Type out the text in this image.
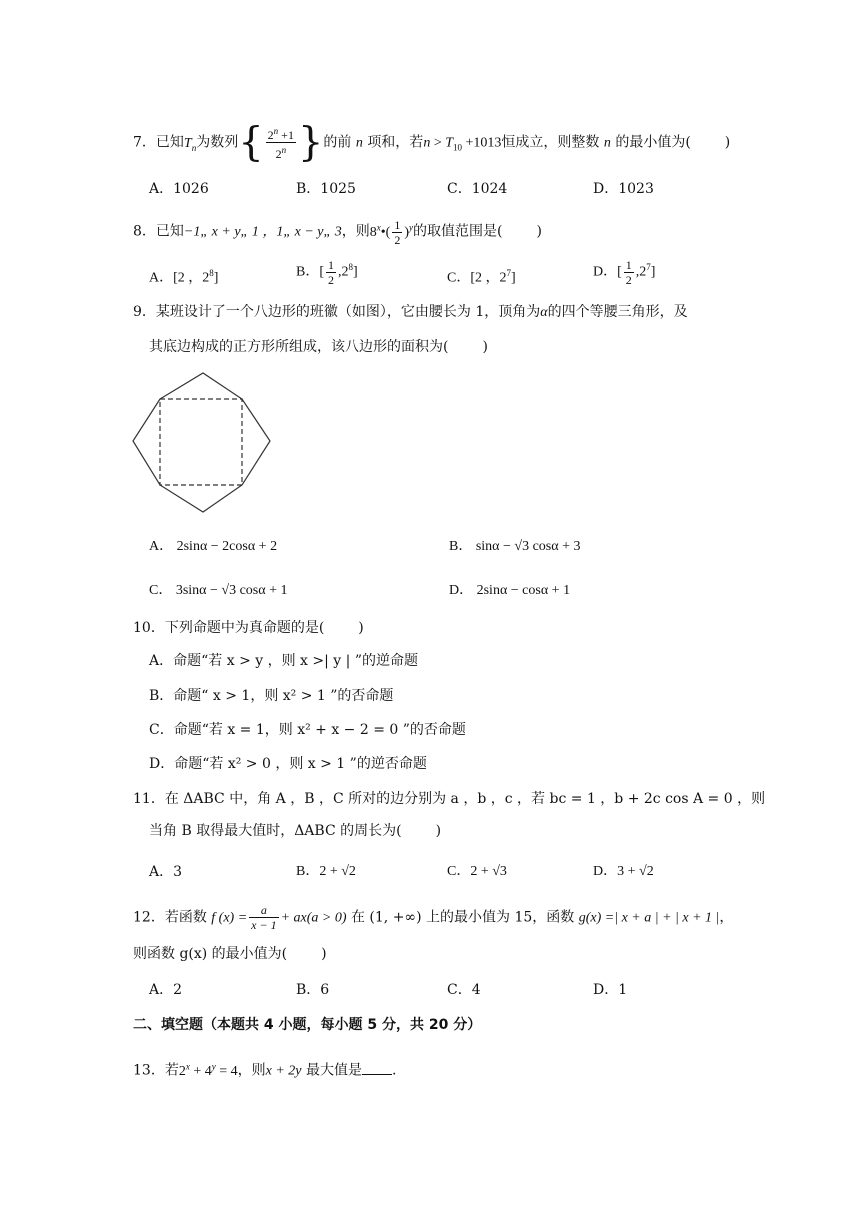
7．已知$T_n$为数列{ $\frac{2^n +1}{2^n}$ }的前 n 项和，若$n > T_{10} +1013$恒成立，则整数 n 的最小值为( )
A．1026	B．1025	C．1024	D．1023
8．已知−1„ x + y„ 1 ，1„ x − y„ 3，则8$^x$•( $\frac{1}{2} )^y$的取值范围是( )
A．[2 ，$2^8$]	B．[ $\frac{1}{2} ,2^8$]	C．[2 ，$2^7$]	D．[ $\frac{1}{2} ,2^7$]
9．某班设计了一个八边形的班徽（如图），它由腰长为 1，顶角为α的四个等腰三角形，及
其底边构成的正方形所组成，该八边形的面积为( )
A． 2sinα − 2cosα + 2	B． sinα − √3 cosα + 3
C． 3sinα − √3 cosα + 1	D． 2sinα − cosα + 1
10．下列命题中为真命题的是( )
A．命题“若 x > y ，则 x >| y | ”的逆命题
B．命题“ x > 1，则 x² > 1 ”的否命题
C．命题“若 x = 1，则 x² + x − 2 = 0 ”的否命题
D．命题“若 x² > 0 ，则 x > 1 ”的逆否命题
11．在 ΔABC 中，角 A ，B ，C 所对的边分别为 a ，b ，c ，若 bc = 1 ，b + 2c cos A = 0 ，则
当角 B 取得最大值时，ΔABC 的周长为( )
A．3	B．2 + √2	C．2 + √3	D．3 + √2
12．若函数 f $(x) = \frac{a}{x - 1} + ax(a > 0)$ 在 (1, +∞) 上的最小值为 15，函数 g(x) =| x + a | + | x + 1 |，
则函数 g(x) 的最小值为( )
A．2	B．6	C．4	D．1
二、填空题（本题共 4 小题，每小题 5 分，共 20 分）
13．若$2^x + 4^y = 4$，则x + 2y 最大值是 .
